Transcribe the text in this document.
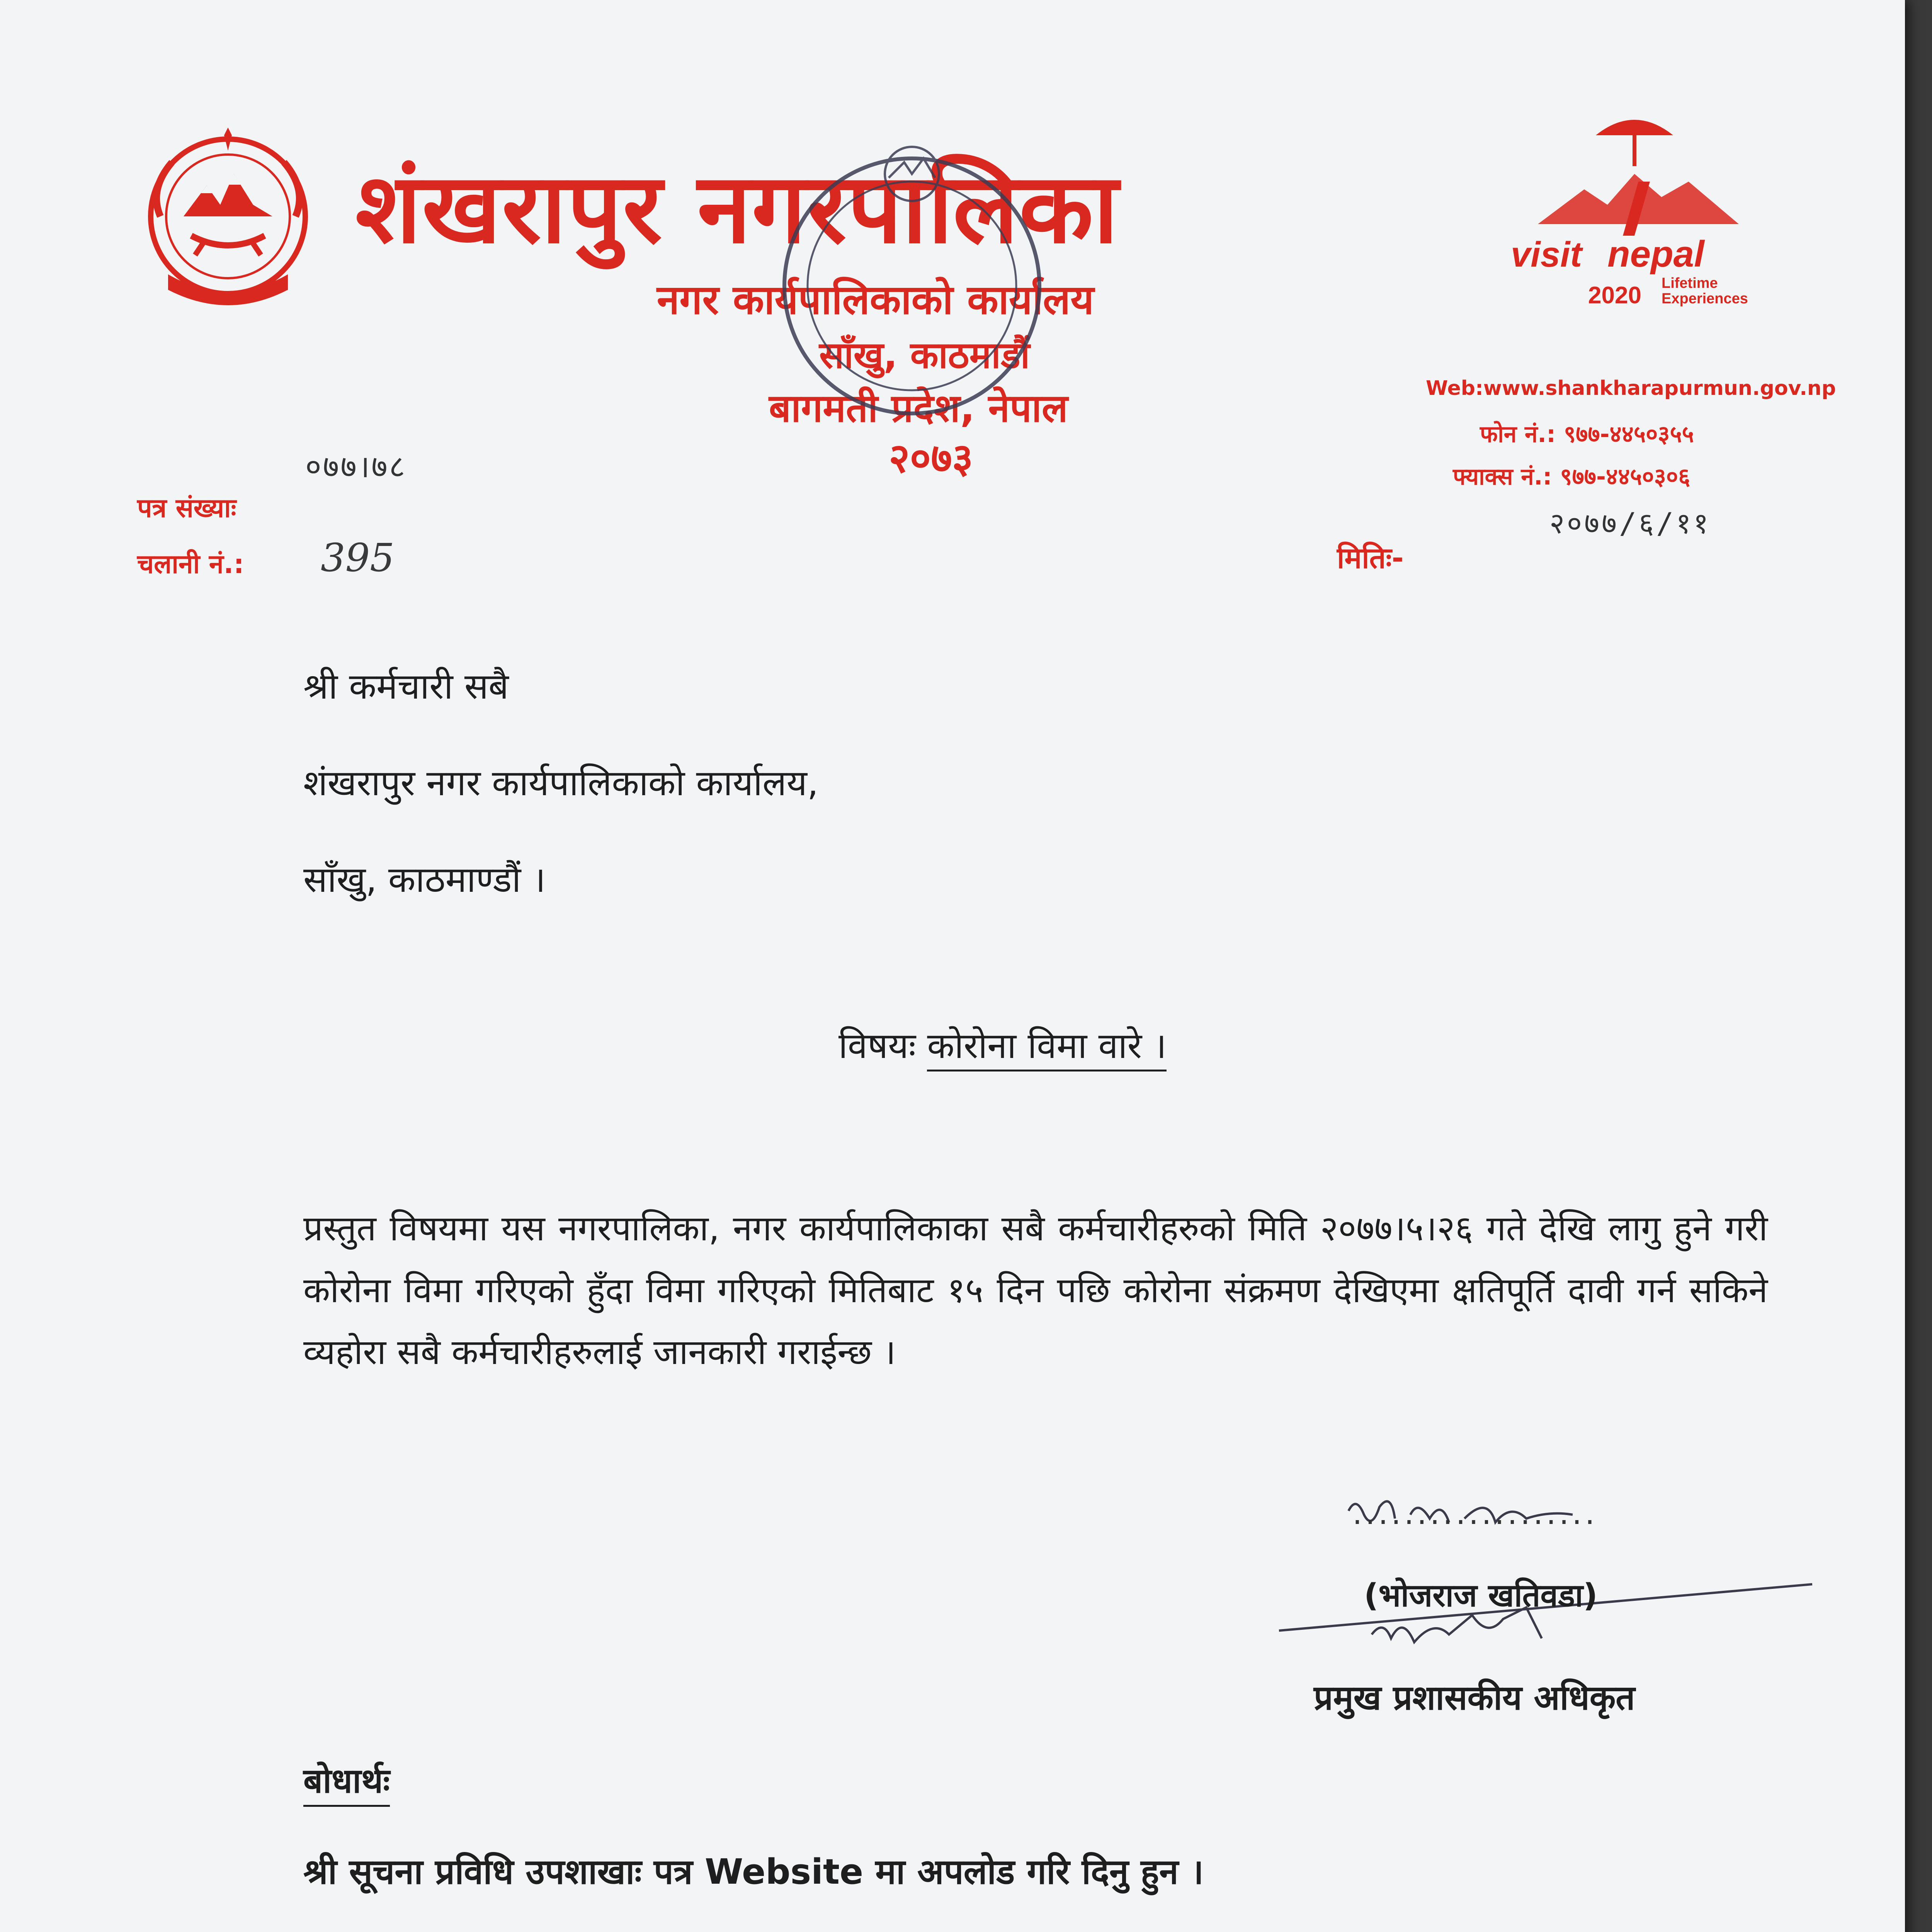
शंखरापुर नगरपालिका
नगर कार्यपालिकाको कार्यालय
साँखु, काठमाडौं
बागमती प्रदेश, नेपाल
२०७३
visit nepal
2020 Lifetime
Experiences
Web:www.shankharapurmun.gov.np
फोन नं.: ९७७-४४५०३५५
फ्याक्स नं.: ९७७-४४५०३०६
०७७।७८
पत्र संख्याः
चलानी नं.: 395
२०७७/६/११
मितिः-
श्री कर्मचारी सबै
शंखरापुर नगर कार्यपालिकाको कार्यालय,
साँखु, काठमाण्डौं ।
विषयः कोरोना विमा वारे ।
प्रस्तुत विषयमा यस नगरपालिका, नगर कार्यपालिकाका सबै कर्मचारीहरुको मिति २०७७।५।२६ गते देखि लागु हुने गरी कोरोना विमा गरिएको हुँदा विमा गरिएको मितिबाट १५ दिन पछि कोरोना संक्रमण देखिएमा क्षतिपूर्ति दावी गर्न सकिने व्यहोरा सबै कर्मचारीहरुलाई जानकारी गराईन्छ ।
...................
(भोजराज खतिवडा)
प्रमुख प्रशासकीय अधिकृत
बोधार्थः
श्री सूचना प्रविधि उपशाखाः पत्र Website मा अपलोड गरि दिनु हुन ।
